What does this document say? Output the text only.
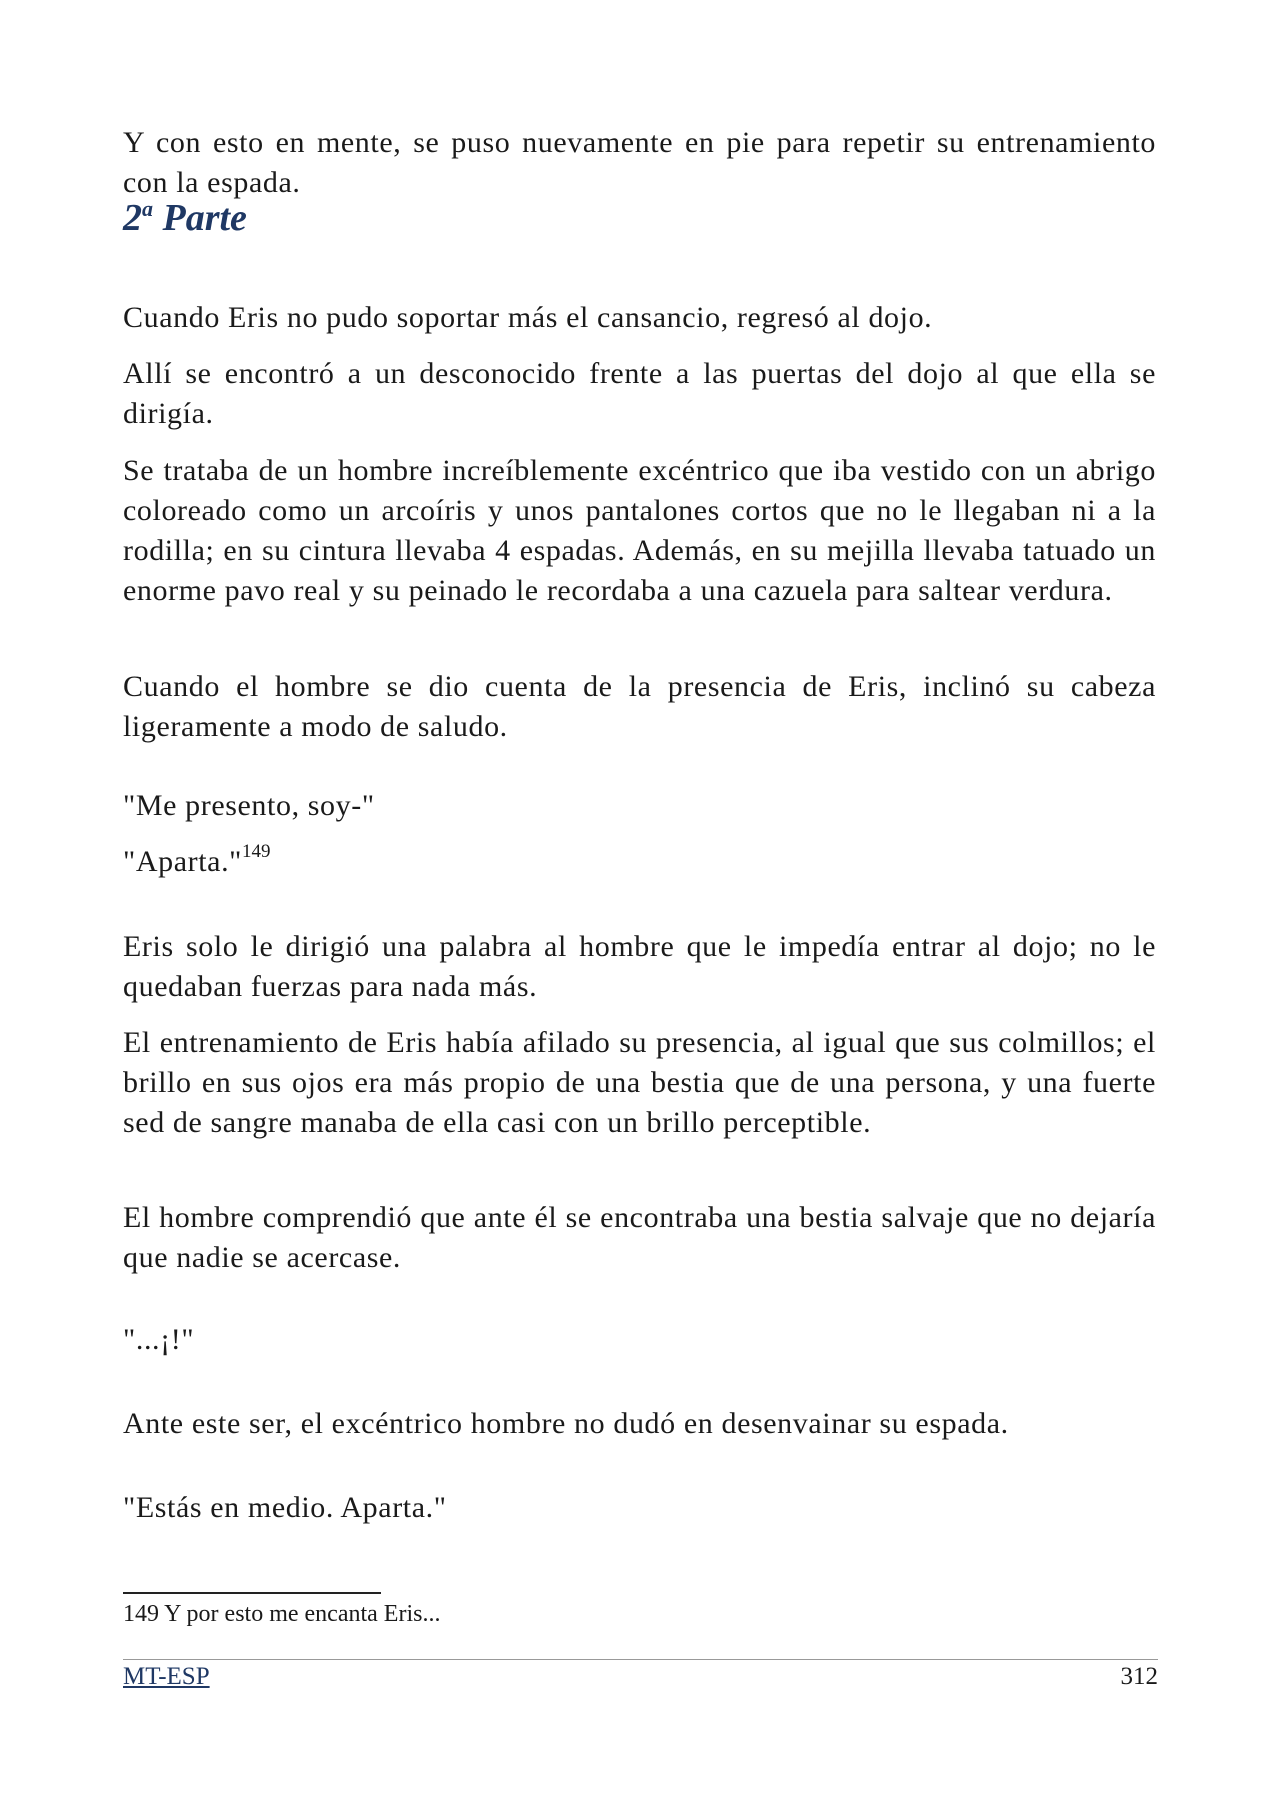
Y con esto en mente, se puso nuevamente en pie para repetir su entrenamiento con la espada.

2$^a$ Parte

Cuando Eris no pudo soportar más el cansancio, regresó al dojo.

Allí se encontró a un desconocido frente a las puertas del dojo al que ella se dirigía.

Se trataba de un hombre increíblemente excéntrico que iba vestido con un abrigo coloreado como un arcoíris y unos pantalones cortos que no le llegaban ni a la rodilla; en su cintura llevaba 4 espadas. Además, en su mejilla llevaba tatuado un enorme pavo real y su peinado le recordaba a una cazuela para saltear verdura.

Cuando el hombre se dio cuenta de la presencia de Eris, inclinó su cabeza ligeramente a modo de saludo.

"Me presento, soy-"

"Aparta."$^{149}$

Eris solo le dirigió una palabra al hombre que le impedía entrar al dojo; no le quedaban fuerzas para nada más.

El entrenamiento de Eris había afilado su presencia, al igual que sus colmillos; el brillo en sus ojos era más propio de una bestia que de una persona, y una fuerte sed de sangre manaba de ella casi con un brillo perceptible.

El hombre comprendió que ante él se encontraba una bestia salvaje que no dejaría que nadie se acercase.

"...¡!"

Ante este ser, el excéntrico hombre no dudó en desenvainar su espada.

"Estás en medio. Aparta."

149 Y por esto me encanta Eris...
MT-ESP	312
